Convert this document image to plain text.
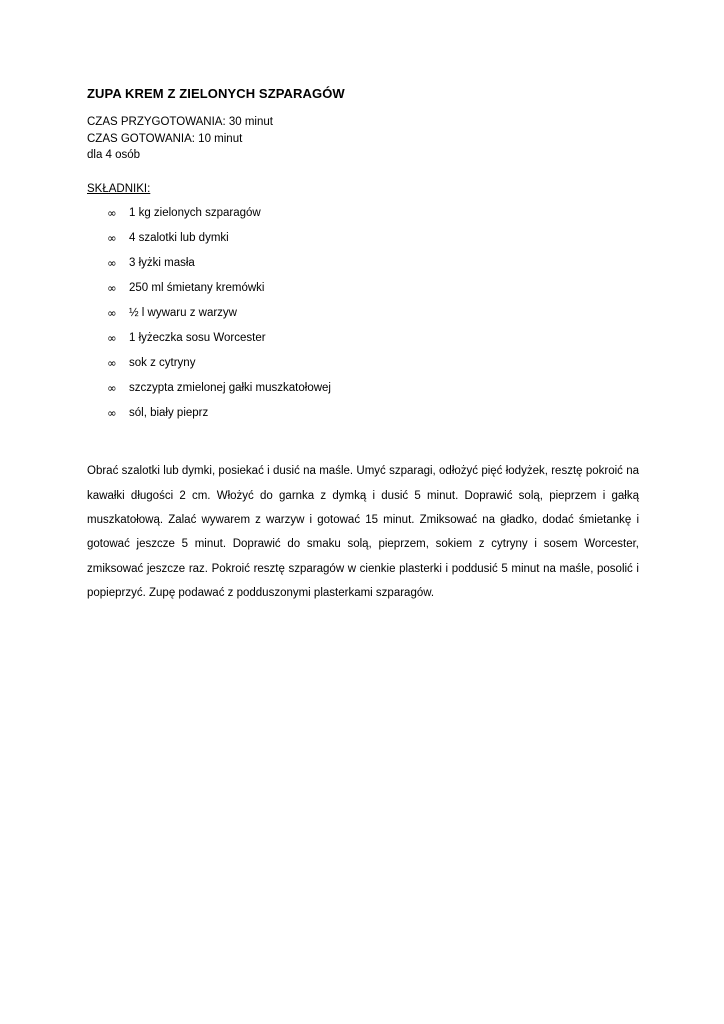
ZUPA KREM Z ZIELONYCH SZPARAGÓW
CZAS PRZYGOTOWANIA: 30 minut
CZAS GOTOWANIA: 10 minut
dla 4 osób
SKŁADNIKI:
∞ 1 kg zielonych szparagów
∞ 4 szalotki lub dymki
∞ 3 łyżki masła
∞ 250 ml śmietany kremówki
∞ ½ l wywaru z warzyw
∞ 1 łyżeczka sosu Worcester
∞ sok z cytryny
∞ szczypta zmielonej gałki muszkatołowej
∞ sól, biały pieprz
Obrać szalotki lub dymki, posiekać i dusić na maśle. Umyć szparagi, odłożyć pięć łodyżek, resztę pokroić na kawałki długości 2 cm. Włożyć do garnka z dymką i dusić 5 minut. Doprawić solą, pieprzem i gałką muszkatołową. Zalać wywarem z warzyw i gotować 15 minut. Zmiksować na gładko, dodać śmietankę i gotować jeszcze 5 minut. Doprawić do smaku solą, pieprzem, sokiem z cytryny i sosem Worcester, zmiksować jeszcze raz. Pokroić resztę szparagów w cienkie plasterki i poddusić 5 minut na maśle, posolić i popieprzyć. Zupę podawać z podduszonymi plasterkami szparagów.
